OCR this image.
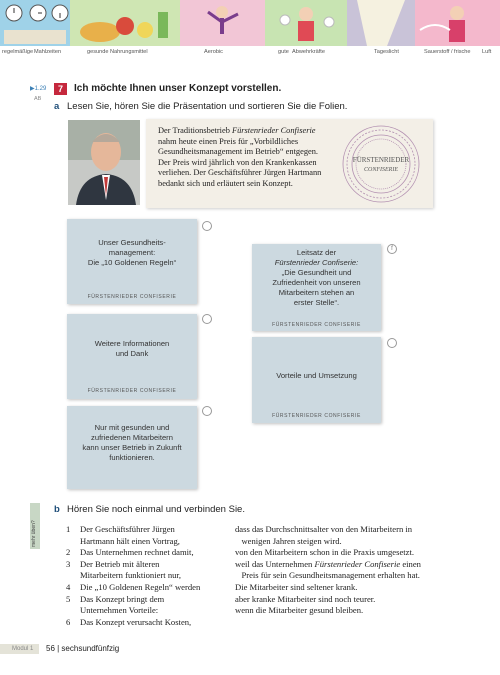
regelmäßige Mahlzeiten	gesunde Nahrungsmittel	Aerobic	gute Abwehrkräfte	Tageslicht	Sauerstoff / frische Luft
▶1.29
AB
7	Ich möchte Ihnen unser Konzept vorstellen.
a Lesen Sie, hören Sie die Präsentation und sortieren Sie die Folien.
Der Traditionsbetrieb Fürstenrieder Confiserie
nahm heute einen Preis für „Vorbildliches
Gesundheitsmanagement im Betrieb“ entgegen.
Der Preis wird jährlich von den Krankenkassen
verliehen. Der Geschäftsführer Jürgen Hartmann
bedankt sich und erläutert sein Konzept.
FÜRSTENRIEDER
CONFISERIE
Unser Gesundheits-
management:
Die „10 Goldenen Regeln“
FÜRSTENRIEDER CONFISERIE
Leitsatz der
Fürstenrieder Confiserie:
„Die Gesundheit und
Zufriedenheit von unseren
Mitarbeitern stehen an
erster Stelle“.
FÜRSTENRIEDER CONFISERIE
f
Weitere Informationen
und Dank
FÜRSTENRIEDER CONFISERIE
Vorteile und Umsetzung
FÜRSTENRIEDER CONFISERIE
Nur mit gesunden und
zufriedenen Mitarbeitern
kann unser Betrieb in Zukunft
funktionieren.
mehr üben?
b Hören Sie noch einmal und verbinden Sie.
1 Der Geschäftsführer Jürgen
Hartmann hält einen Vortrag,
2 Das Unternehmen rechnet damit,
3 Der Betrieb mit älteren
Mitarbeitern funktioniert nur,
4 Die „10 Goldenen Regeln“ werden
5 Das Konzept bringt dem
Unternehmen Vorteile:
6 Das Konzept verursacht Kosten,
dass das Durchschnittsalter von den Mitarbeitern in
wenigen Jahren steigen wird.
von den Mitarbeitern schon in die Praxis umgesetzt.
weil das Unternehmen Fürstenrieder Confiserie einen
Preis für sein Gesundheitsmanagement erhalten hat.
Die Mitarbeiter sind seltener krank.
aber kranke Mitarbeiter sind noch teurer.
wenn die Mitarbeiter gesund bleiben.
Modul 1	56 | sechsundfünfzig
